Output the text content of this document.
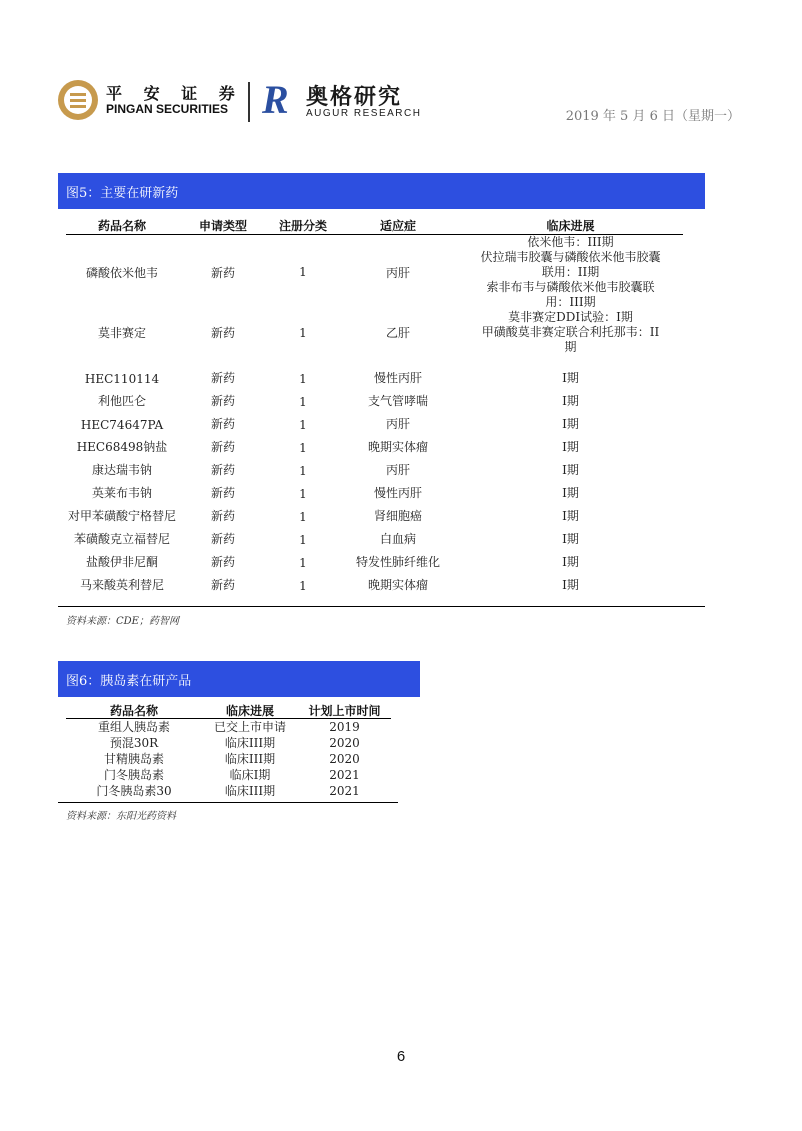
平 安 证 券
PINGAN SECURITIES R 奥格研究
AUGUR RESEARCH	2019 年 5 月 6 日（星期一）
图5：主要在研新药
药品名称	申请类型	注册分类	适应症	临床进展
磷酸依米他韦	新药	1	丙肝	依米他韦：III期
伏拉瑞韦胶囊与磷酸依米他韦胶囊
联用：II期
索非布韦与磷酸依米他韦胶囊联
用：III期

莫非赛定	新药	1	乙肝	莫非赛定DDI试验：I期
甲磺酸莫非赛定联合利托那韦：II
期

HEC110114	新药	1	慢性丙肝	I期

利他匹仑	新药	1	支气管哮喘	I期

HEC74647PA	新药	1	丙肝	I期

HEC68498钠盐	新药	1	晚期实体瘤	I期

康达瑞韦钠	新药	1	丙肝	I期

英莱布韦钠	新药	1	慢性丙肝	I期

对甲苯磺酸宁格替尼	新药	1	肾细胞癌	I期

苯磺酸克立福替尼	新药	1	白血病	I期

盐酸伊非尼酮	新药	1	特发性肺纤维化	I期

马来酸英利替尼	新药	1	晚期实体瘤	I期
资料来源：CDE；药智网
图6：胰岛素在研产品
药品名称	临床进展	计划上市时间
重组人胰岛素	已交上市申请	2019
预混30R	临床III期	2020
甘精胰岛素	临床III期	2020
门冬胰岛素	临床I期	2021
门冬胰岛素30	临床III期	2021
资料来源：东阳光药资料
6
